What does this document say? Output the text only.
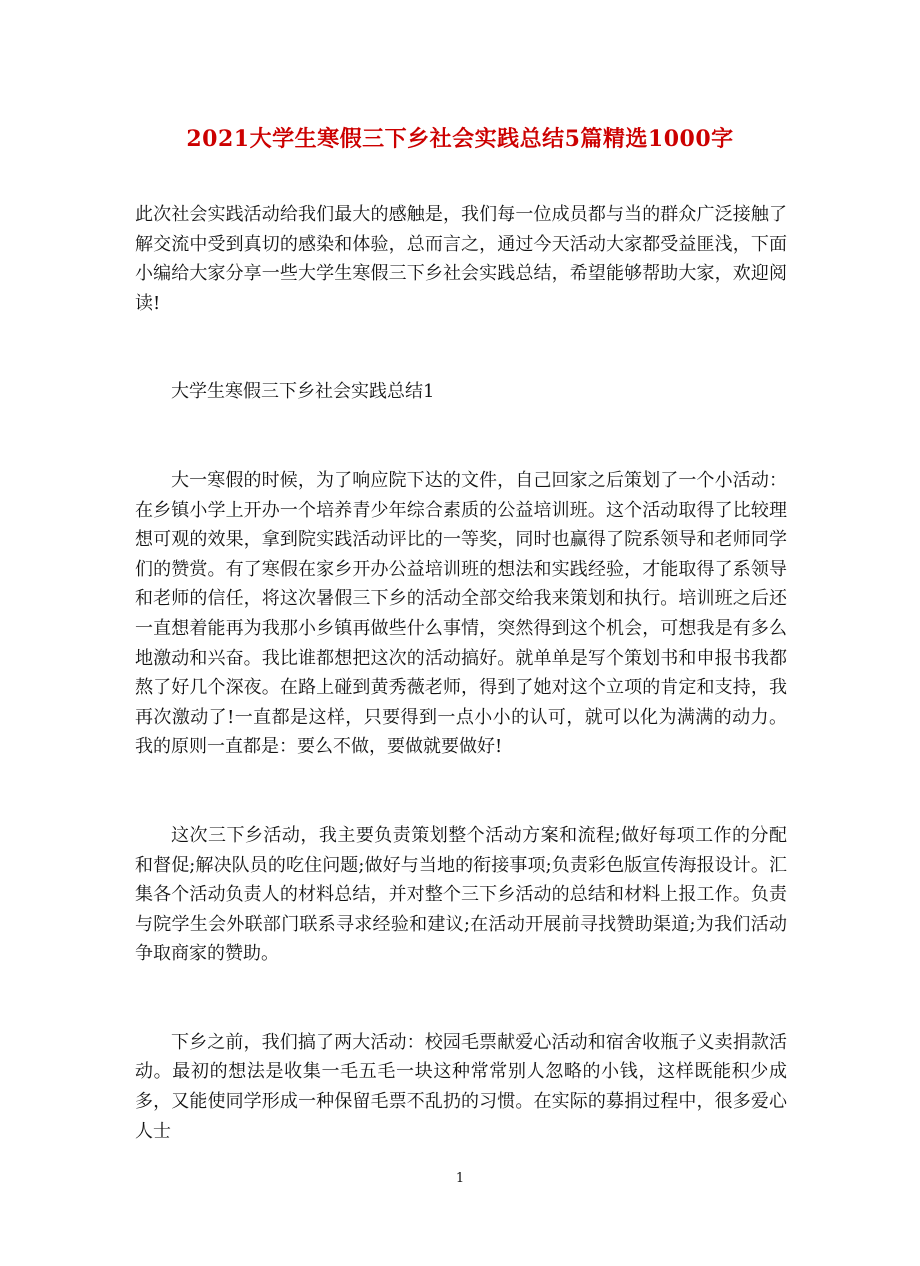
2021大学生寒假三下乡社会实践总结5篇精选1000字

此次社会实践活动给我们最大的感触是，我们每一位成员都与当的群众广泛接触了解交流中受到真切的感染和体验，总而言之，通过今天活动大家都受益匪浅，下面小编给大家分享一些大学生寒假三下乡社会实践总结，希望能够帮助大家，欢迎阅读!

大学生寒假三下乡社会实践总结1

大一寒假的时候，为了响应院下达的文件，自己回家之后策划了一个小活动：在乡镇小学上开办一个培养青少年综合素质的公益培训班。这个活动取得了比较理想可观的效果，拿到院实践活动评比的一等奖，同时也赢得了院系领导和老师同学们的赞赏。有了寒假在家乡开办公益培训班的想法和实践经验，才能取得了系领导和老师的信任，将这次暑假三下乡的活动全部交给我来策划和执行。培训班之后还一直想着能再为我那小乡镇再做些什么事情，突然得到这个机会，可想我是有多么地激动和兴奋。我比谁都想把这次的活动搞好。就单单是写个策划书和申报书我都熬了好几个深夜。在路上碰到黄秀薇老师，得到了她对这个立项的肯定和支持，我再次激动了!一直都是这样，只要得到一点小小的认可，就可以化为满满的动力。我的原则一直都是：要么不做，要做就要做好!

这次三下乡活动，我主要负责策划整个活动方案和流程;做好每项工作的分配和督促;解决队员的吃住问题;做好与当地的衔接事项;负责彩色版宣传海报设计。汇集各个活动负责人的材料总结，并对整个三下乡活动的总结和材料上报工作。负责与院学生会外联部门联系寻求经验和建议;在活动开展前寻找赞助渠道;为我们活动争取商家的赞助。

下乡之前，我们搞了两大活动：校园毛票献爱心活动和宿舍收瓶子义卖捐款活动。最初的想法是收集一毛五毛一块这种常常别人忽略的小钱，这样既能积少成多，又能使同学形成一种保留毛票不乱扔的习惯。在实际的募捐过程中，很多爱心人士

1
